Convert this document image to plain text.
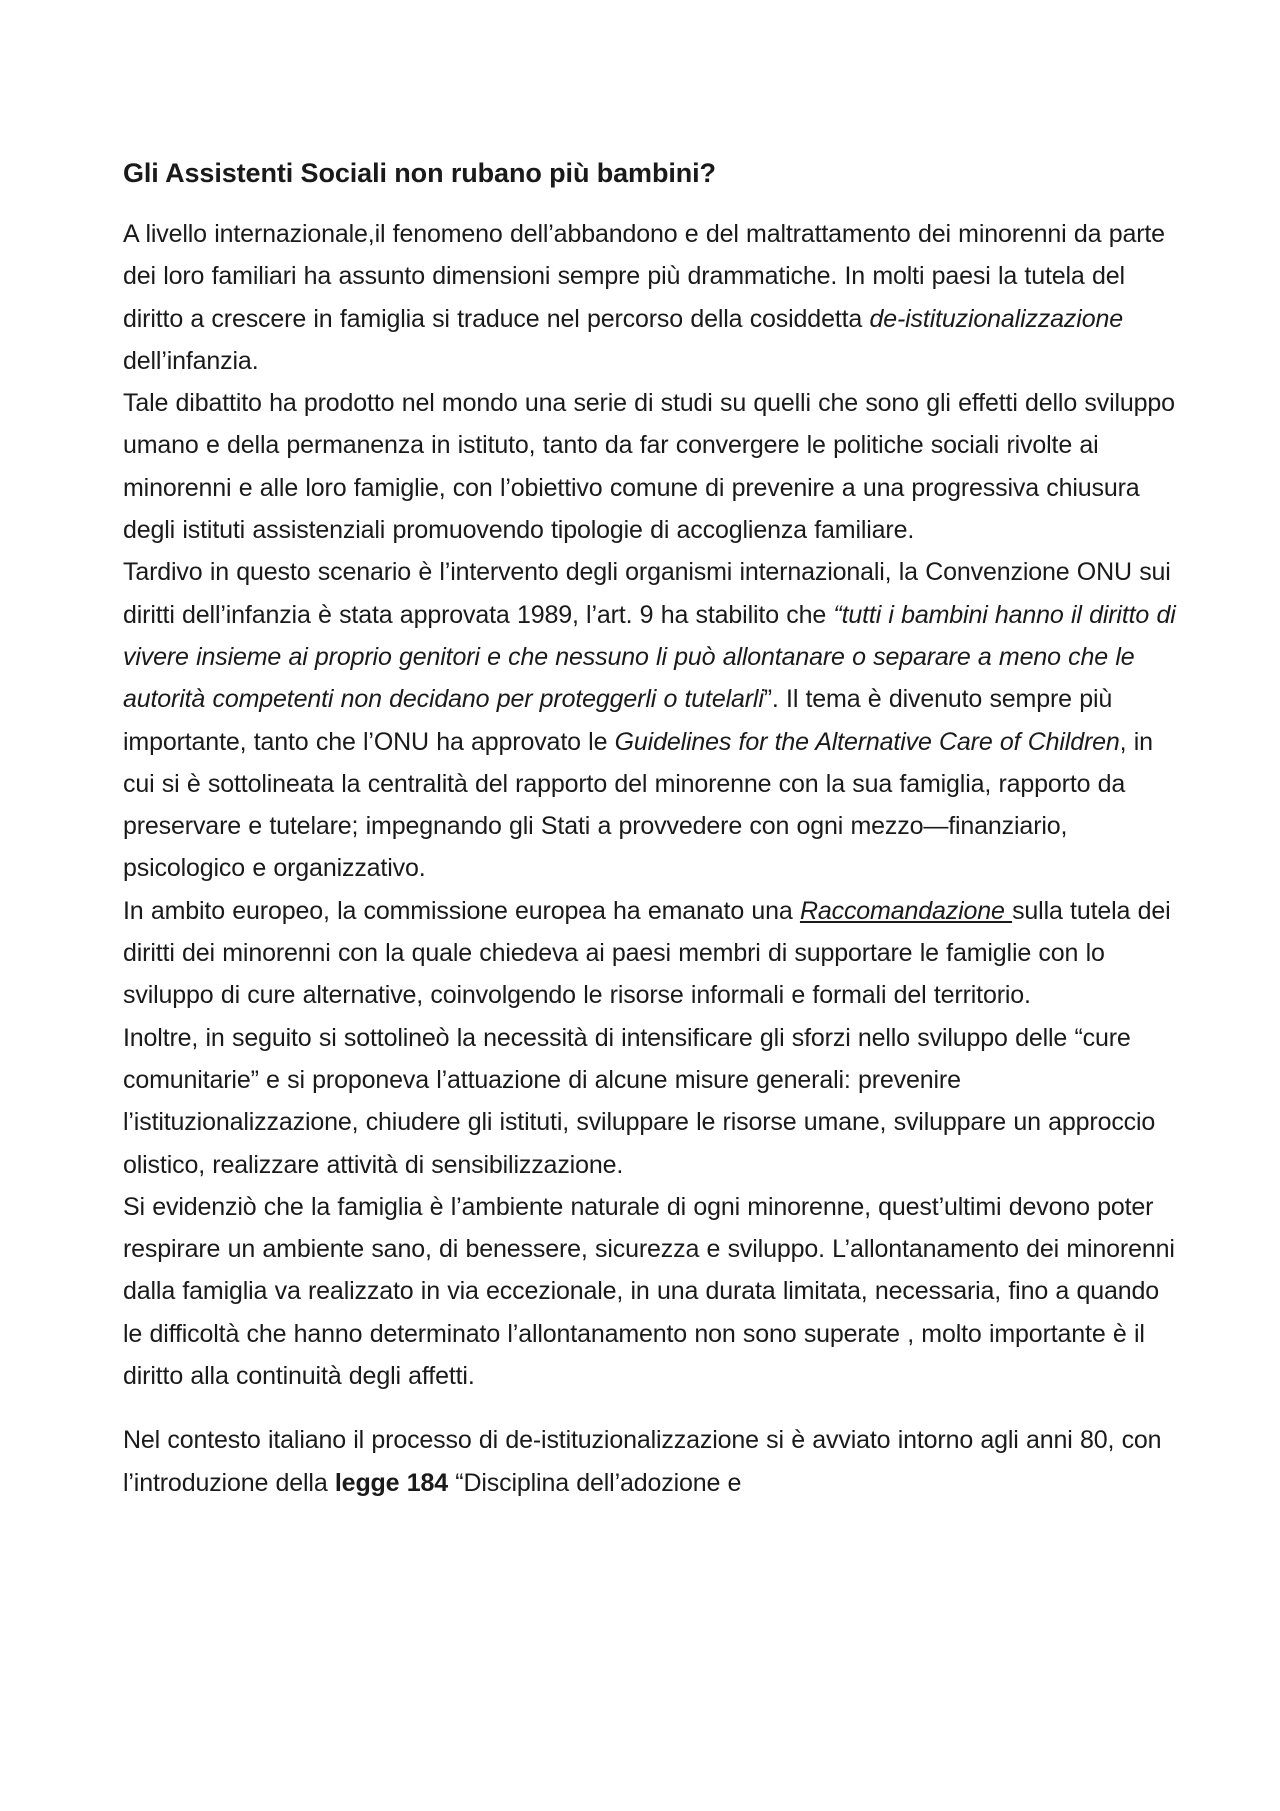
Gli Assistenti Sociali non rubano più bambini?

A livello internazionale,il fenomeno dell’abbandono e del maltrattamento dei minorenni da parte dei loro familiari ha assunto dimensioni sempre più drammatiche. In molti paesi la tutela del diritto a crescere in famiglia si traduce nel percorso della cosiddetta de-istituzionalizzazione dell’infanzia.

Tale dibattito ha prodotto nel mondo una serie di studi su quelli che sono gli effetti dello sviluppo umano e della permanenza in istituto, tanto da far convergere le politiche sociali rivolte ai minorenni e alle loro famiglie, con l’obiettivo comune di prevenire a una progressiva chiusura degli istituti assistenziali promuovendo tipologie di accoglienza familiare.

Tardivo in questo scenario è l’intervento degli organismi internazionali, la Convenzione ONU sui diritti dell’infanzia è stata approvata 1989, l’art. 9 ha stabilito che “tutti i bambini hanno il diritto di vivere insieme ai proprio genitori e che nessuno li può allontanare o separare a meno che le autorità competenti non decidano per proteggerli o tutelarli”. Il tema è divenuto sempre più importante, tanto che l’ONU ha approvato le Guidelines for the Alternative Care of Children, in cui si è sottolineata la centralità del rapporto del minorenne con la sua famiglia, rapporto da preservare e tutelare; impegnando gli Stati a provvedere con ogni mezzo—finanziario, psicologico e organizzativo.

In ambito europeo, la commissione europea ha emanato una Raccomandazione sulla tutela dei diritti dei minorenni con la quale chiedeva ai paesi membri di supportare le famiglie con lo sviluppo di cure alternative, coinvolgendo le risorse informali e formali del territorio.

Inoltre, in seguito si sottolineò la necessità di intensificare gli sforzi nello sviluppo delle “cure comunitarie” e si proponeva l’attuazione di alcune misure generali: prevenire l’istituzionalizzazione, chiudere gli istituti, sviluppare le risorse umane, sviluppare un approccio olistico, realizzare attività di sensibilizzazione.

Si evidenziò che la famiglia è l’ambiente naturale di ogni minorenne, quest’ultimi devono poter respirare un ambiente sano, di benessere, sicurezza e sviluppo. L’allontanamento dei minorenni dalla famiglia va realizzato in via eccezionale, in una durata limitata, necessaria, fino a quando le difficoltà che hanno determinato l’allontanamento non sono superate , molto importante è il diritto alla continuità degli affetti.

Nel contesto italiano il processo di de-istituzionalizzazione si è avviato intorno agli anni 80, con l’introduzione della legge 184 “Disciplina dell’adozione e
